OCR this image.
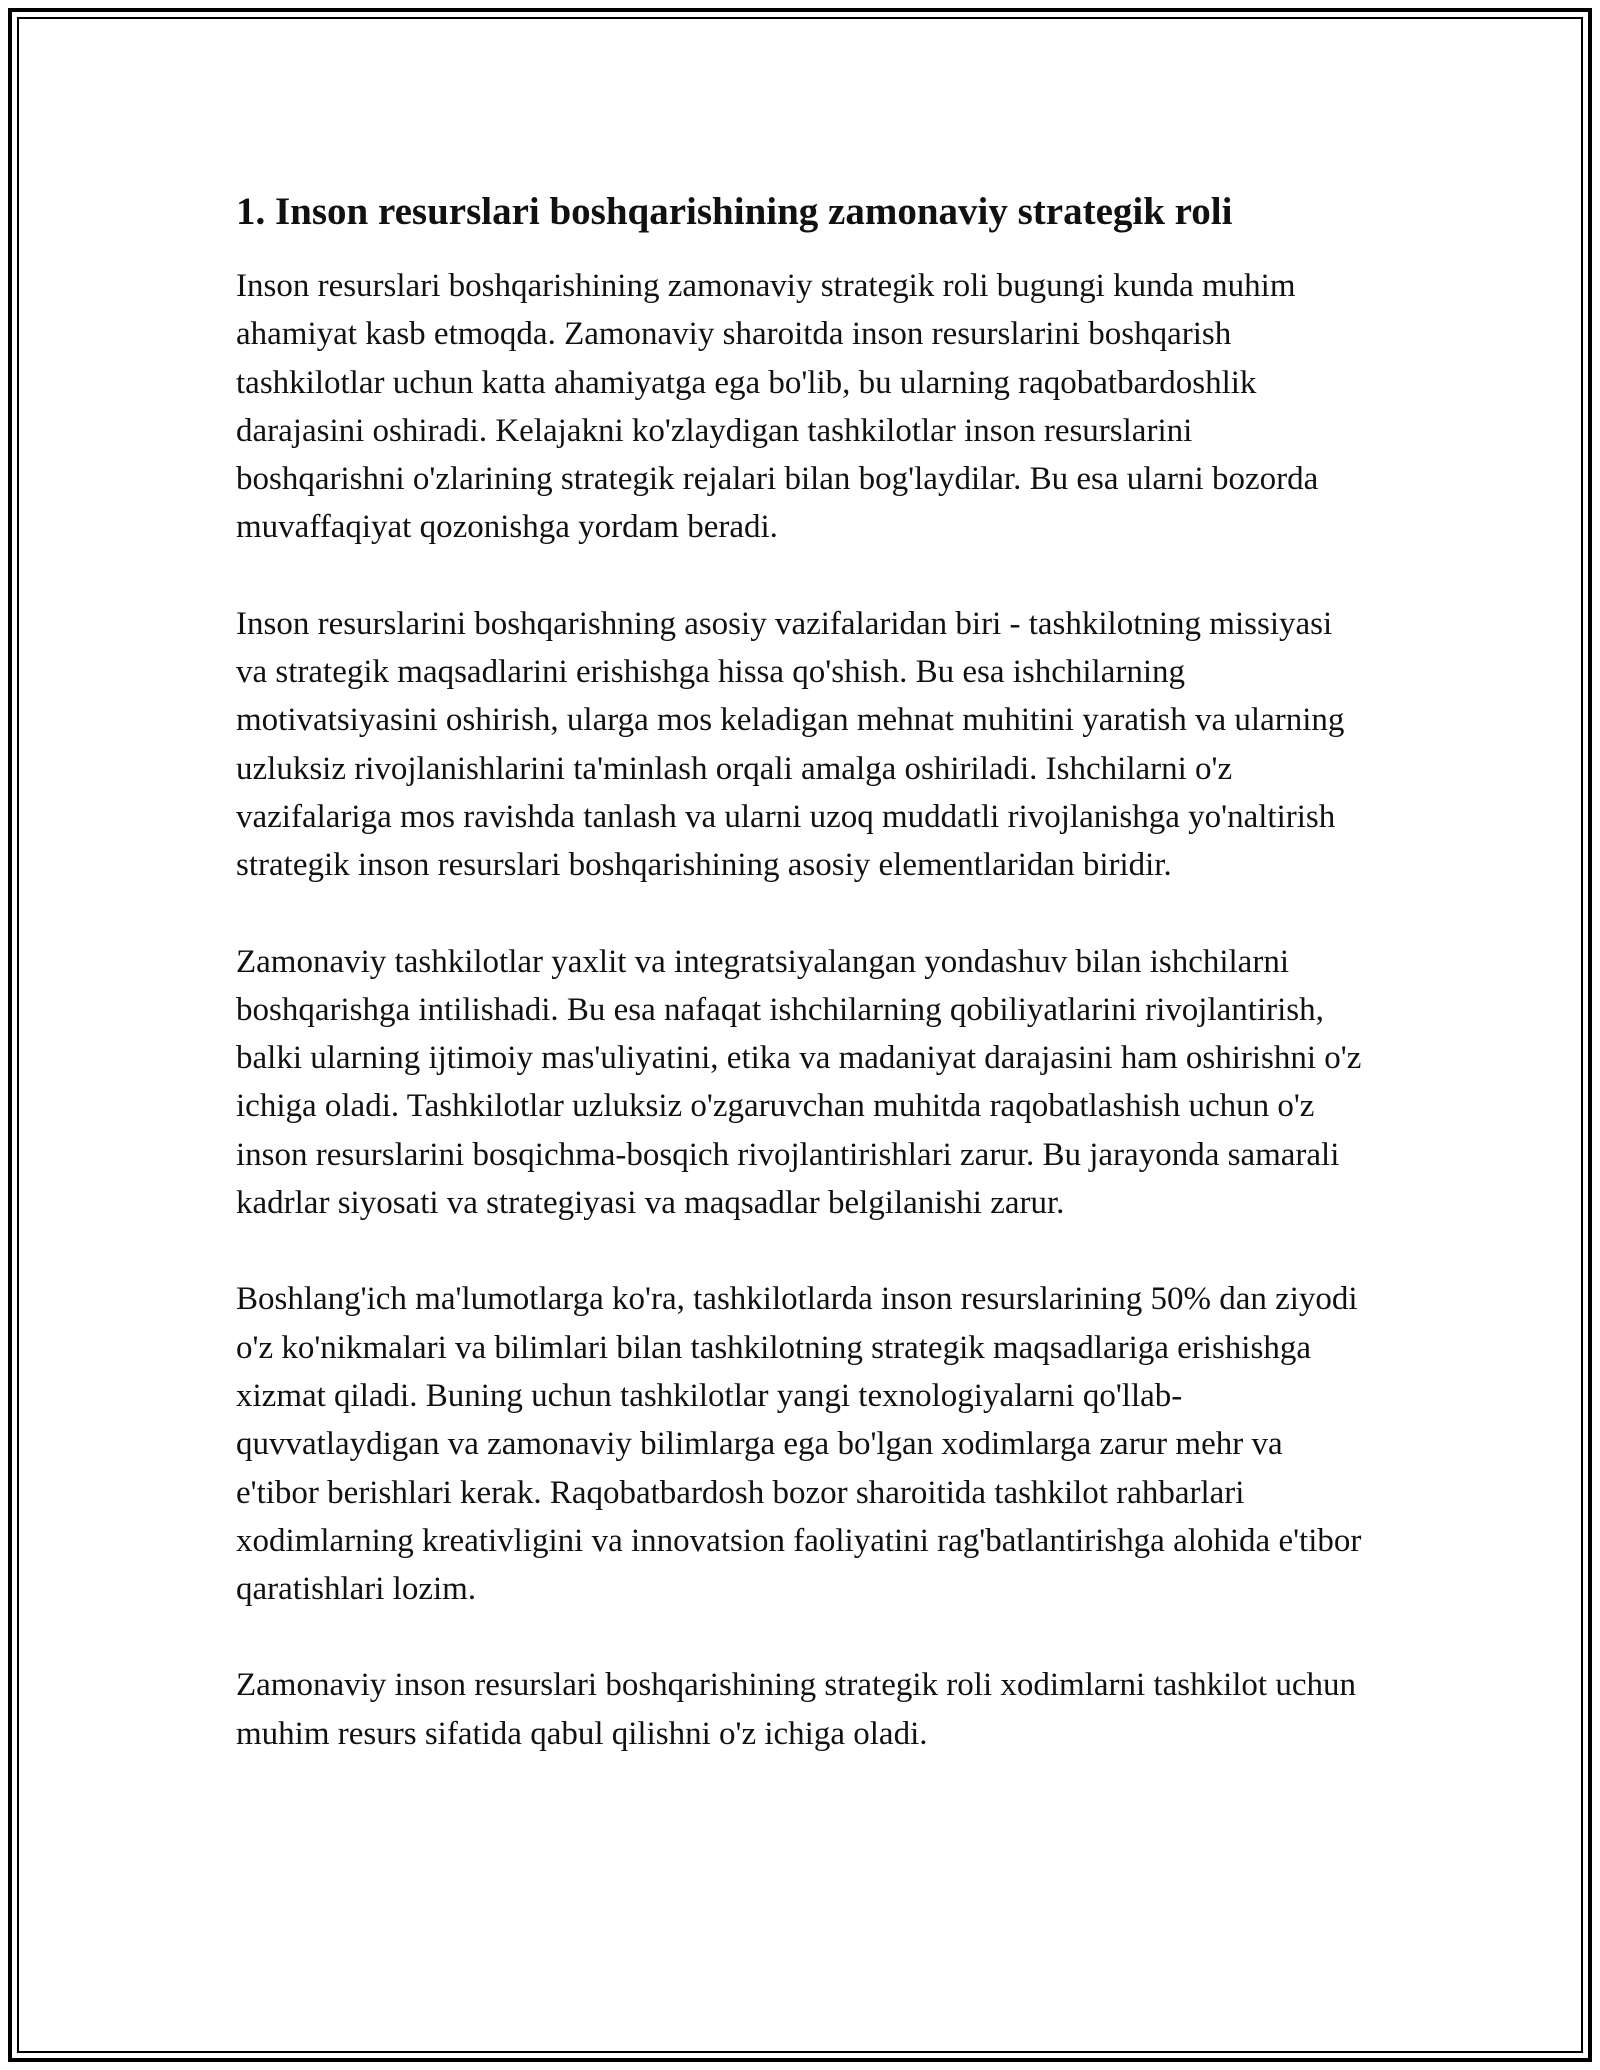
1. Inson resurslari boshqarishining zamonaviy strategik roli

Inson resurslari boshqarishining zamonaviy strategik roli bugungi kunda muhim ahamiyat kasb etmoqda. Zamonaviy sharoitda inson resurslarini boshqarish tashkilotlar uchun katta ahamiyatga ega bo'lib, bu ularning raqobatbardoshlik darajasini oshiradi. Kelajakni ko'zlaydigan tashkilotlar inson resurslarini boshqarishni o'zlarining strategik rejalari bilan bog'laydilar. Bu esa ularni bozorda muvaffaqiyat qozonishga yordam beradi.

Inson resurslarini boshqarishning asosiy vazifalaridan biri - tashkilotning missiyasi va strategik maqsadlarini erishishga hissa qo'shish. Bu esa ishchilarning motivatsiyasini oshirish, ularga mos keladigan mehnat muhitini yaratish va ularning uzluksiz rivojlanishlarini ta'minlash orqali amalga oshiriladi. Ishchilarni o'z vazifalariga mos ravishda tanlash va ularni uzoq muddatli rivojlanishga yo'naltirish strategik inson resurslari boshqarishining asosiy elementlaridan biridir.

Zamonaviy tashkilotlar yaxlit va integratsiyalangan yondashuv bilan ishchilarni boshqarishga intilishadi. Bu esa nafaqat ishchilarning qobiliyatlarini rivojlantirish, balki ularning ijtimoiy mas'uliyatini, etika va madaniyat darajasini ham oshirishni o'z ichiga oladi. Tashkilotlar uzluksiz o'zgaruvchan muhitda raqobatlashish uchun o'z inson resurslarini bosqichma-bosqich rivojlantirishlari zarur. Bu jarayonda samarali kadrlar siyosati va strategiyasi va maqsadlar belgilanishi zarur.

Boshlang'ich ma'lumotlarga ko'ra, tashkilotlarda inson resurslarining 50% dan ziyodi o'z ko'nikmalari va bilimlari bilan tashkilotning strategik maqsadlariga erishishga xizmat qiladi. Buning uchun tashkilotlar yangi texnologiyalarni qo'llab-quvvatlaydigan va zamonaviy bilimlarga ega bo'lgan xodimlarga zarur mehr va e'tibor berishlari kerak. Raqobatbardosh bozor sharoitida tashkilot rahbarlari xodimlarning kreativligini va innovatsion faoliyatini rag'batlantirishga alohida e'tibor qaratishlari lozim.

Zamonaviy inson resurslari boshqarishining strategik roli xodimlarni tashkilot uchun muhim resurs sifatida qabul qilishni o'z ichiga oladi.
